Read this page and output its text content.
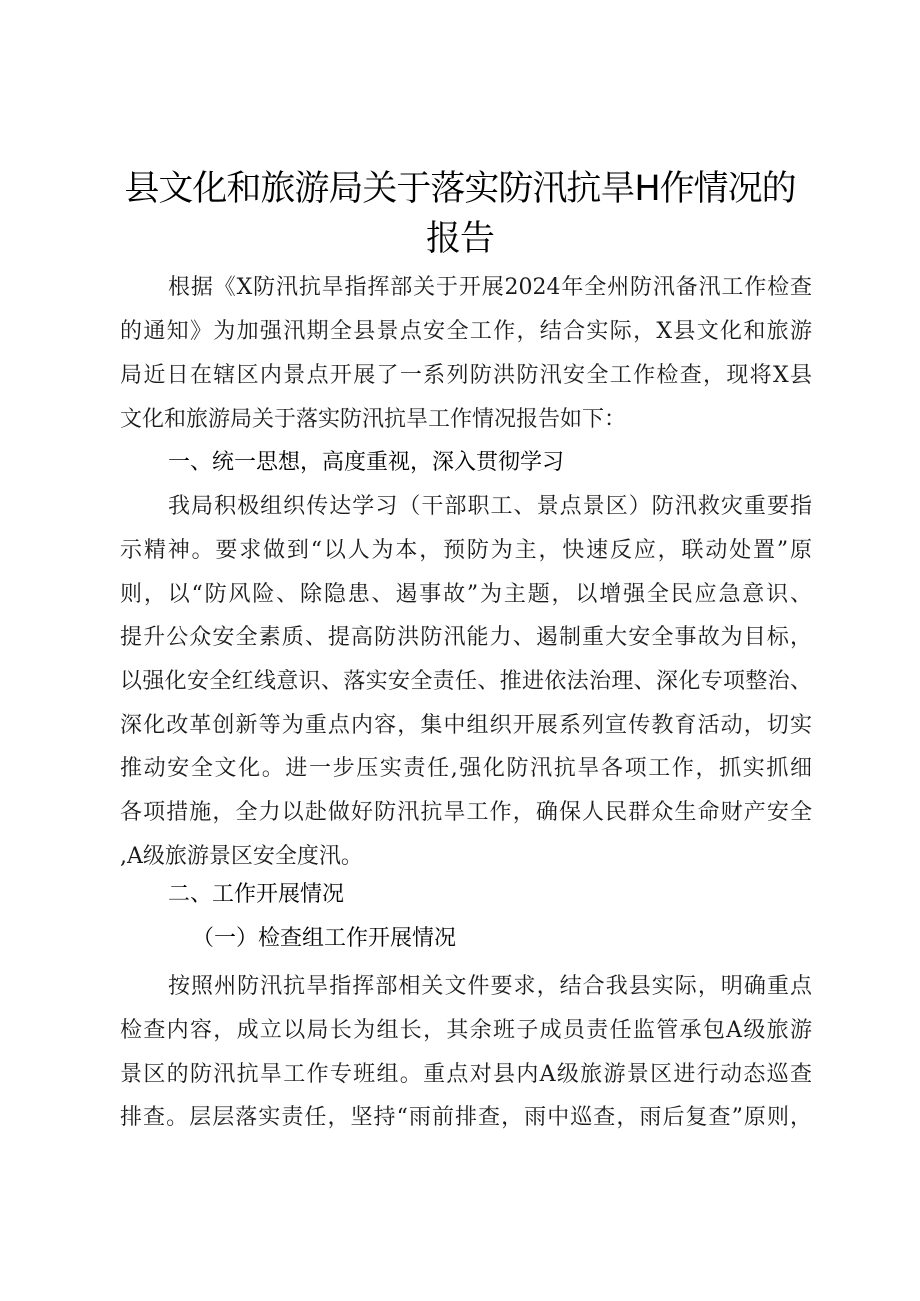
县文化和旅游局关于落实防汛抗旱H作情况的
报告
根据《X防汛抗旱指挥部关于开展2024年全州防汛备汛工作检查
的通知》为加强汛期全县景点安全工作，结合实际，X县文化和旅游
局近日在辖区内景点开展了一系列防洪防汛安全工作检查，现将X县
文化和旅游局关于落实防汛抗旱工作情况报告如下：
一、统一思想，高度重视，深入贯彻学习
我局积极组织传达学习（干部职工、景点景区）防汛救灾重要指
示精神。要求做到“以人为本，预防为主，快速反应，联动处置”原
则，以“防风险、除隐患、遏事故”为主题，以增强全民应急意识、
提升公众安全素质、提高防洪防汛能力、遏制重大安全事故为目标，
以强化安全红线意识、落实安全责任、推进依法治理、深化专项整治、
深化改革创新等为重点内容，集中组织开展系列宣传教育活动，切实
推动安全文化。进一步压实责任,强化防汛抗旱各项工作，抓实抓细
各项措施，全力以赴做好防汛抗旱工作，确保人民群众生命财产安全
,A级旅游景区安全度汛。
二、工作开展情况
（一）检查组工作开展情况
按照州防汛抗旱指挥部相关文件要求，结合我县实际，明确重点
检查内容，成立以局长为组长，其余班子成员责任监管承包A级旅游
景区的防汛抗旱工作专班组。重点对县内A级旅游景区进行动态巡查
排查。层层落实责任，坚持“雨前排查，雨中巡查，雨后复查”原则，
